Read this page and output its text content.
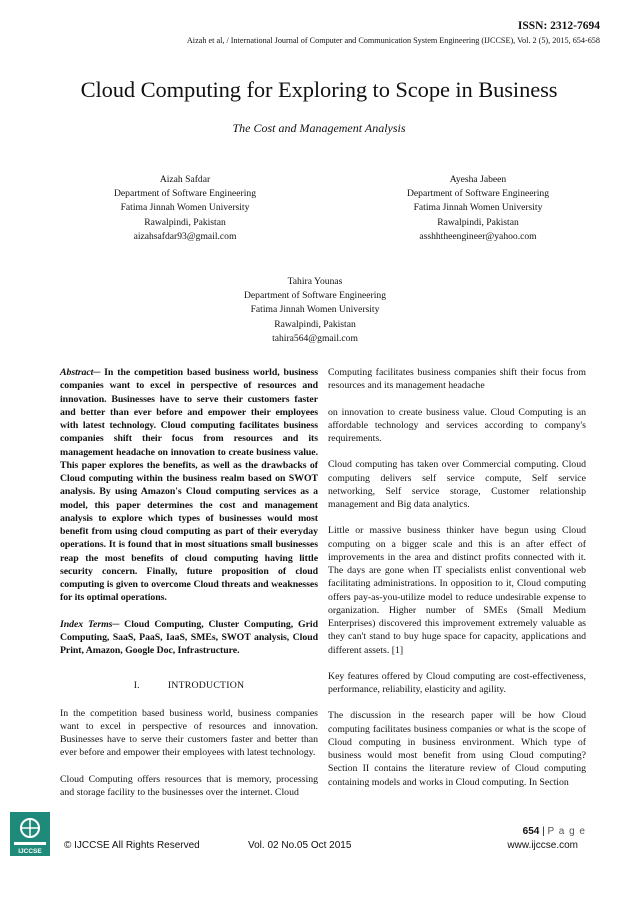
ISSN: 2312-7694
Aizah et al, / International Journal of Computer and Communication System Engineering (IJCCSE), Vol. 2 (5), 2015, 654-658
Cloud Computing for Exploring to Scope in Business
The Cost and Management Analysis
Aizah Safdar
Department of Software Engineering
Fatima Jinnah Women University
Rawalpindi, Pakistan
aizahsafdar93@gmail.com
Ayesha Jabeen
Department of Software Engineering
Fatima Jinnah Women University
Rawalpindi, Pakistan
asshhtheengineer@yahoo.com
Tahira Younas
Department of Software Engineering
Fatima Jinnah Women University
Rawalpindi, Pakistan
tahira564@gmail.com

Abstract─ In the competition based business world, business companies want to excel in perspective of resources and innovation. Businesses have to serve their customers faster and better than ever before and empower their employees with latest technology. Cloud computing facilitates business companies shift their focus from resources and its management headache on innovation to create business value. This paper explores the benefits, as well as the drawbacks of Cloud computing within the business realm based on SWOT analysis. By using Amazon's Cloud computing services as a model, this paper determines the cost and management analysis to explore which types of businesses would most benefit from using cloud computing as part of their everyday operations. It is found that in most situations small businesses reap the most benefits of cloud computing having little security concern. Finally, future proposition of cloud computing is given to overcome Cloud threats and weaknesses for its optimal operations.

Index Terms─ Cloud Computing, Cluster Computing, Grid Computing, SaaS, PaaS, IaaS, SMEs, SWOT analysis, Cloud Print, Amazon, Google Doc, Infrastructure.

I.	INTRODUCTION

In the competition based business world, business companies want to excel in perspective of resources and innovation. Businesses have to serve their customers faster and better than ever before and empower their employees with latest technology.

Cloud Computing offers resources that is memory, processing and storage facility to the businesses over the internet. Cloud

Computing facilitates business companies shift their focus from resources and its management headache

on innovation to create business value. Cloud Computing is an affordable technology and services according to company's requirements.

Cloud computing has taken over Commercial computing. Cloud computing delivers self service compute, Self service networking, Self service storage, Customer relationship management and Big data analytics.

Little or massive business thinker have begun using Cloud computing on a bigger scale and this is an after effect of improvements in the area and distinct profits connected with it. The days are gone when IT specialists enlist conventional web facilitating administrations. In opposition to it, Cloud computing offers pay-as-you-utilize model to reduce undesirable expense to organization. Higher number of SMEs (Small Medium Enterprises) discovered this improvement extremely valuable as they can't stand to buy huge space for capacity, applications and different assets. [1]

Key features offered by Cloud computing are cost-effectiveness, performance, reliability, elasticity and agility.

The discussion in the research paper will be how Cloud computing facilitates business companies or what is the scope of Cloud computing in business environment. Which type of business would most benefit from using Cloud computing? Section II contains the literature review of Cloud computing containing models and works in Cloud computing. In Section

IJCCSE
654 | P a g e
© IJCCSE All Rights Reserved	Vol. 02 No.05 Oct 2015	www.ijccse.com
